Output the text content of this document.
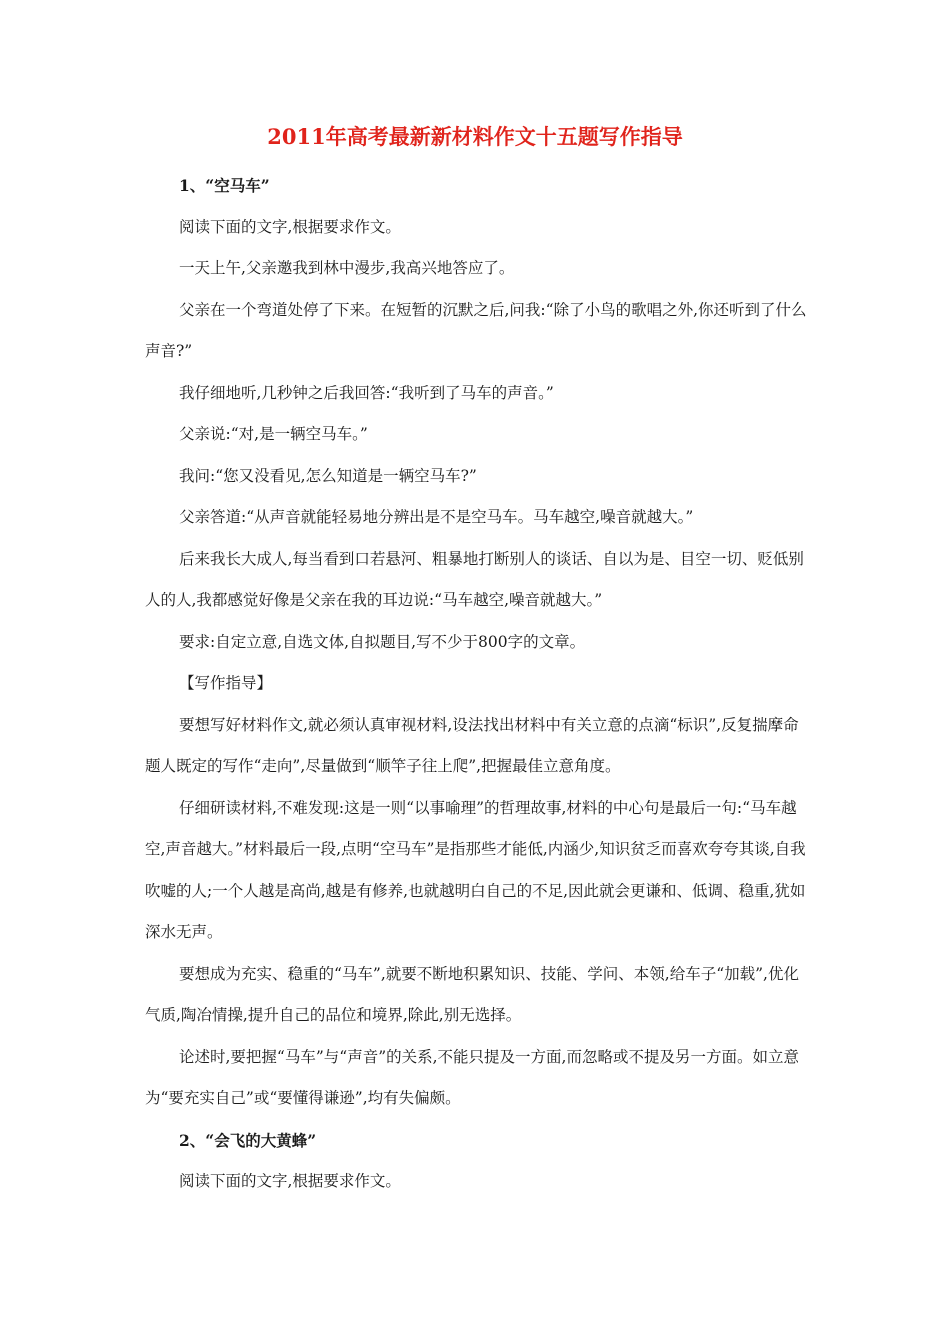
2011年高考最新新材料作文十五题写作指导

1、“空马车”

阅读下面的文字,根据要求作文。

一天上午,父亲邀我到林中漫步,我高兴地答应了。

父亲在一个弯道处停了下来。在短暂的沉默之后,问我:“除了小鸟的歌唱之外,你还听到了什么声音?”

我仔细地听,几秒钟之后我回答:“我听到了马车的声音。”

父亲说:“对,是一辆空马车。”

我问:“您又没看见,怎么知道是一辆空马车?”

父亲答道:“从声音就能轻易地分辨出是不是空马车。马车越空,噪音就越大。”

后来我长大成人,每当看到口若悬河、粗暴地打断别人的谈话、自以为是、目空一切、贬低别人的人,我都感觉好像是父亲在我的耳边说:“马车越空,噪音就越大。”

要求:自定立意,自选文体,自拟题目,写不少于800字的文章。

【写作指导】

要想写好材料作文,就必须认真审视材料,设法找出材料中有关立意的点滴“标识”,反复揣摩命题人既定的写作“走向”,尽量做到“顺竿子往上爬”,把握最佳立意角度。

仔细研读材料,不难发现:这是一则“以事喻理”的哲理故事,材料的中心句是最后一句:“马车越空,声音越大。”材料最后一段,点明“空马车”是指那些才能低,内涵少,知识贫乏而喜欢夸夸其谈,自我吹嘘的人;一个人越是高尚,越是有修养,也就越明白自己的不足,因此就会更谦和、低调、稳重,犹如深水无声。

要想成为充实、稳重的“马车”,就要不断地积累知识、技能、学问、本领,给车子“加载”,优化气质,陶冶情操,提升自己的品位和境界,除此,别无选择。

论述时,要把握“马车”与“声音”的关系,不能只提及一方面,而忽略或不提及另一方面。如立意为“要充实自己”或“要懂得谦逊”,均有失偏颇。

2、“会飞的大黄蜂”

阅读下面的文字,根据要求作文。
